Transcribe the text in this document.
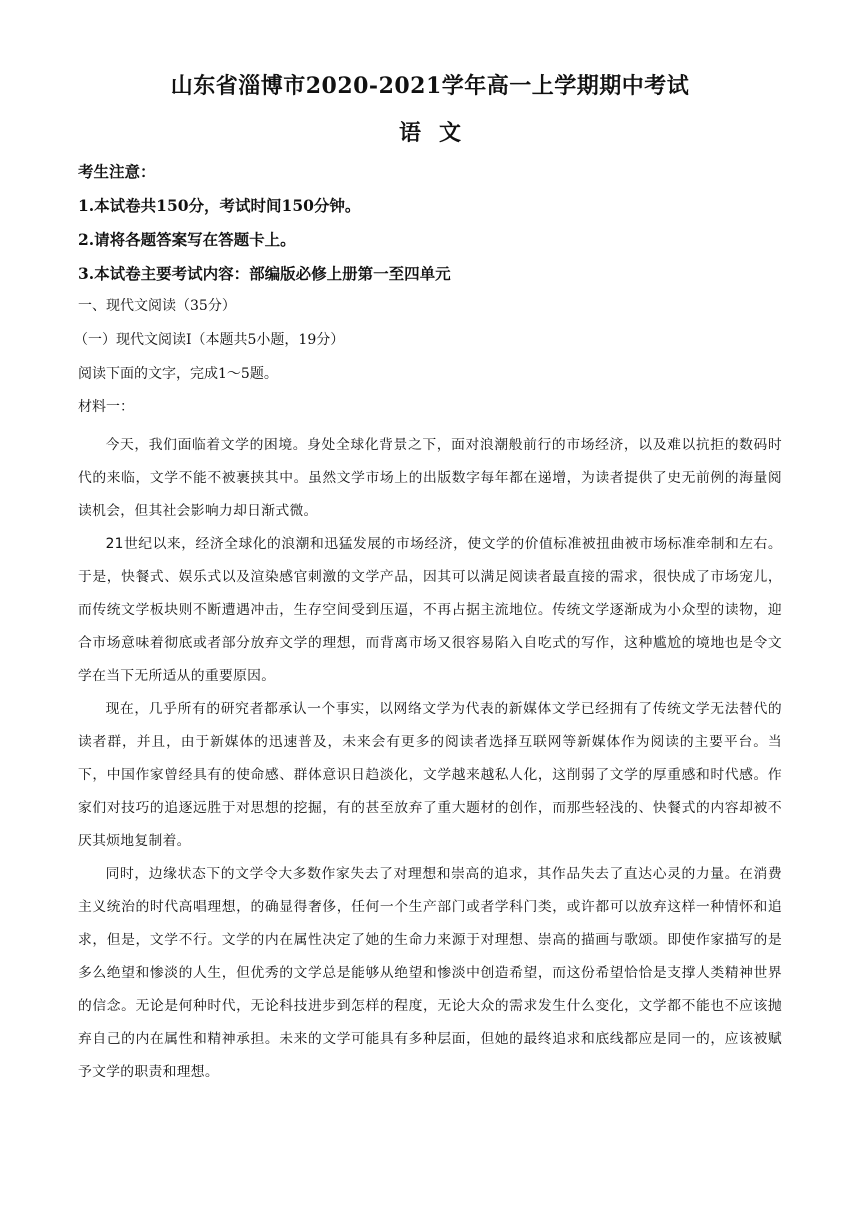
山东省淄博市2020-2021学年高一上学期期中考试
语文

考生注意：

1.本试卷共150分，考试时间150分钟。

2.请将各题答案写在答题卡上。

3.本试卷主要考试内容：部编版必修上册第一至四单元

一、现代文阅读（35分）

（一）现代文阅读I（本题共5小题，19分）

阅读下面的文字，完成1～5题。

材料一：

今天，我们面临着文学的困境。身处全球化背景之下，面对浪潮般前行的市场经济，以及难以抗拒的数码时代的来临，文学不能不被裹挟其中。虽然文学市场上的出版数字每年都在递增，为读者提供了史无前例的海量阅读机会，但其社会影响力却日渐式微。

21世纪以来，经济全球化的浪潮和迅猛发展的市场经济，使文学的价值标准被扭曲被市场标准牵制和左右。于是，快餐式、娱乐式以及渲染感官刺激的文学产品，因其可以满足阅读者最直接的需求，很快成了市场宠儿，而传统文学板块则不断遭遇冲击，生存空间受到压逼，不再占据主流地位。传统文学逐渐成为小众型的读物，迎合市场意味着彻底或者部分放弃文学的理想，而背离市场又很容易陷入自吃式的写作，这种尴尬的境地也是令文学在当下无所适从的重要原因。

现在，几乎所有的研究者都承认一个事实，以网络文学为代表的新媒体文学已经拥有了传统文学无法替代的读者群，并且，由于新媒体的迅速普及，未来会有更多的阅读者选择互联网等新媒体作为阅读的主要平台。当下，中国作家曾经具有的使命感、群体意识日趋淡化，文学越来越私人化，这削弱了文学的厚重感和时代感。作家们对技巧的追逐远胜于对思想的挖掘，有的甚至放弃了重大题材的创作，而那些轻浅的、快餐式的内容却被不厌其烦地复制着。

同时，边缘状态下的文学令大多数作家失去了对理想和崇高的追求，其作品失去了直达心灵的力量。在消费主义统治的时代高唱理想，的确显得奢侈，任何一个生产部门或者学科门类，或许都可以放弃这样一种情怀和追求，但是，文学不行。文学的内在属性决定了她的生命力来源于对理想、崇高的描画与歌颂。即使作家描写的是多么绝望和惨淡的人生，但优秀的文学总是能够从绝望和惨淡中创造希望，而这份希望恰恰是支撑人类精神世界的信念。无论是何种时代，无论科技进步到怎样的程度，无论大众的需求发生什么变化，文学都不能也不应该抛弃自己的内在属性和精神承担。未来的文学可能具有多种层面，但她的最终追求和底线都应是同一的，应该被赋予文学的职责和理想。
